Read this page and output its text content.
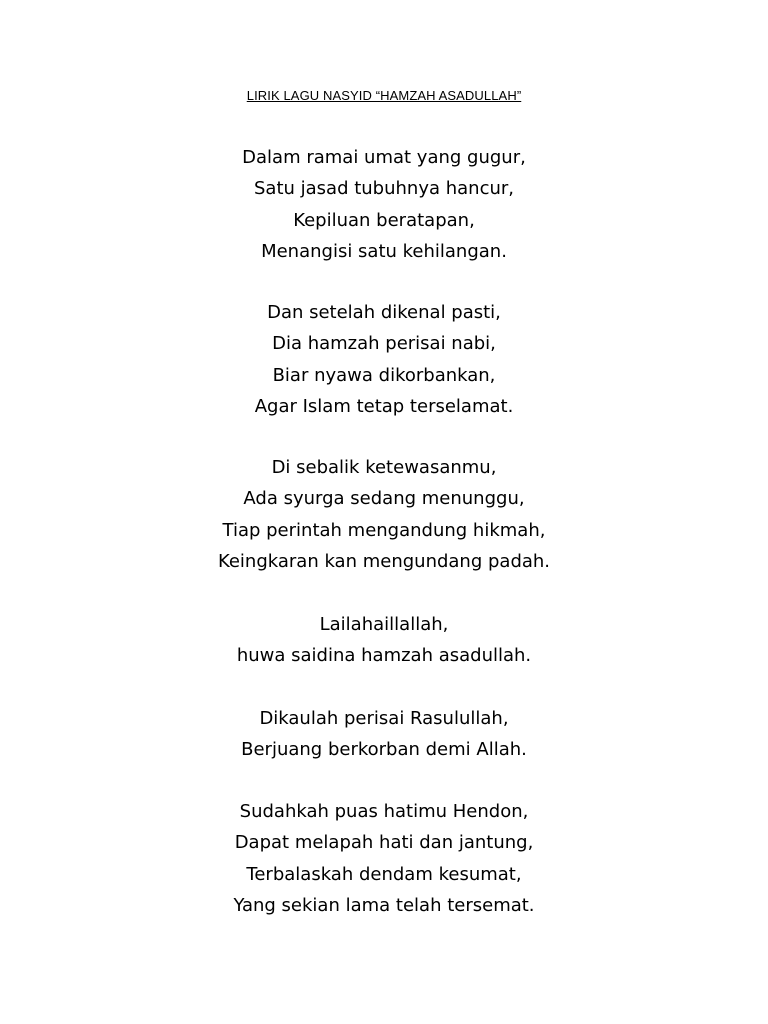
LIRIK LAGU NASYID “HAMZAH ASADULLAH”
Dalam ramai umat yang gugur,
Satu jasad tubuhnya hancur,
Kepiluan beratapan,
Menangisi satu kehilangan.
Dan setelah dikenal pasti,
Dia hamzah perisai nabi,
Biar nyawa dikorbankan,
Agar Islam tetap terselamat.
Di sebalik ketewasanmu,
Ada syurga sedang menunggu,
Tiap perintah mengandung hikmah,
Keingkaran kan mengundang padah.
Lailahaillallah,
huwa saidina hamzah asadullah.
Dikaulah perisai Rasulullah,
Berjuang berkorban demi Allah.
Sudahkah puas hatimu Hendon,
Dapat melapah hati dan jantung,
Terbalaskah dendam kesumat,
Yang sekian lama telah tersemat.
